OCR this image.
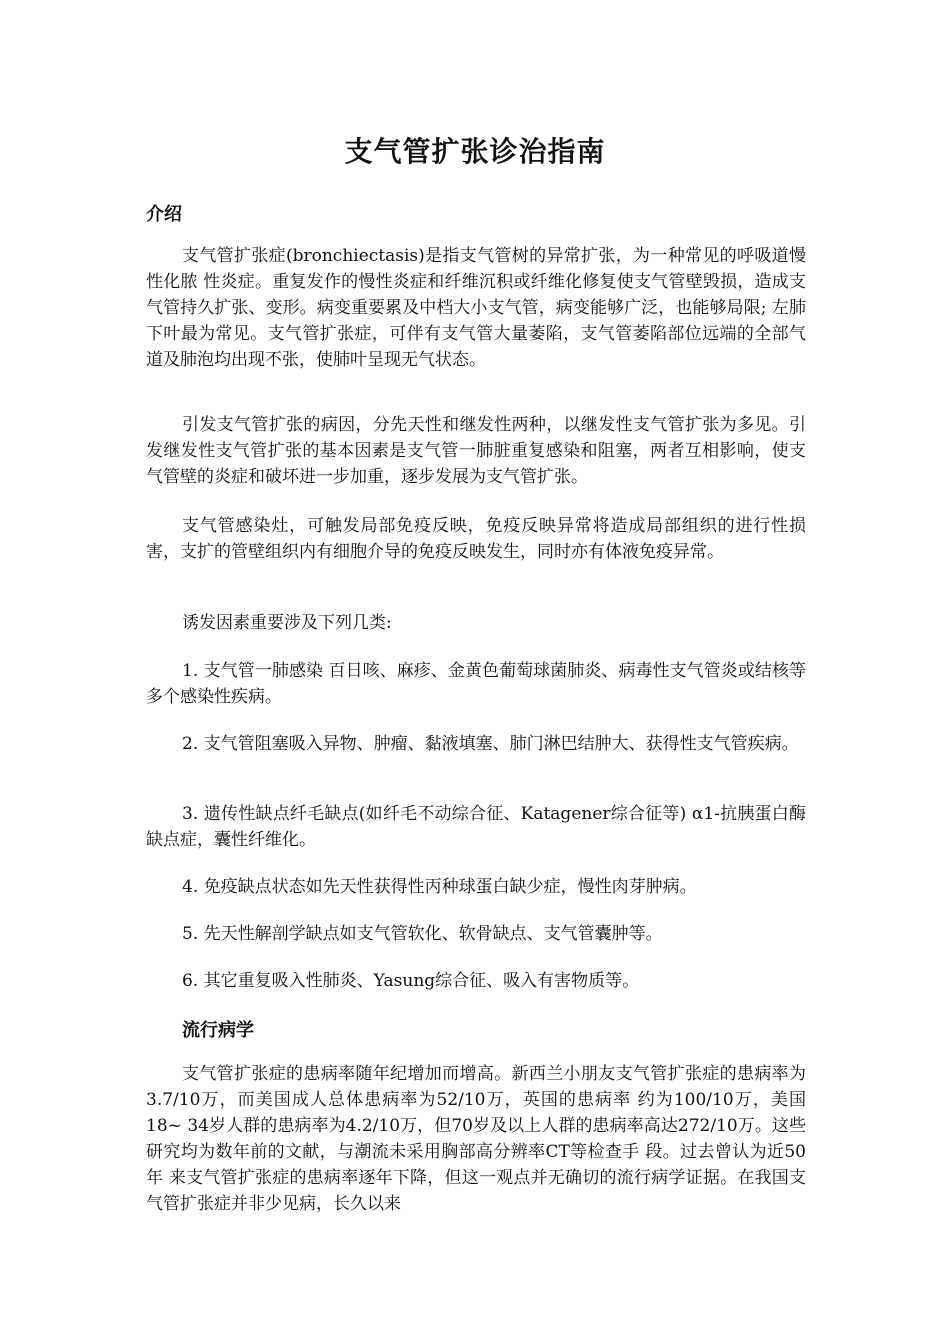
支气管扩张诊治指南
介绍

支气管扩张症(bronchiectasis)是指支气管树的异常扩张，为一种常见的呼吸道慢性化脓 性炎症。重复发作的慢性炎症和纤维沉积或纤维化修复使支气管壁毁损，造成支气管持久扩张、变形。病变重要累及中档大小支气管，病变能够广泛，也能够局限; 左肺下叶最为常见。支气管扩张症，可伴有支气管大量萎陷，支气管萎陷部位远端的全部气道及肺泡均出现不张，使肺叶呈现无气状态。

引发支气管扩张的病因，分先天性和继发性两种，以继发性支气管扩张为多见。引发继发性支气管扩张的基本因素是支气管一肺脏重复感染和阻塞，两者互相影响，使支气管壁的炎症和破坏进一步加重，逐步发展为支气管扩张。

支气管感染灶，可触发局部免疫反映，免疫反映异常将造成局部组织的进行性损害，支扩的管壁组织内有细胞介导的免疫反映发生，同时亦有体液免疫异常。

诱发因素重要涉及下列几类:

1. 支气管一肺感染 百日咳、麻疹、金黄色葡萄球菌肺炎、病毒性支气管炎或结核等多个感染性疾病。

2. 支气管阻塞吸入异物、肿瘤、黏液填塞、肺门淋巴结肿大、获得性支气管疾病。

3. 遗传性缺点纤毛缺点(如纤毛不动综合征、Katagener综合征等) α1-抗胰蛋白酶缺点症，囊性纤维化。

4. 免疫缺点状态如先天性获得性丙种球蛋白缺少症，慢性肉芽肿病。

5. 先天性解剖学缺点如支气管软化、软骨缺点、支气管囊肿等。

6. 其它重复吸入性肺炎、Yasung综合征、吸入有害物质等。

流行病学

支气管扩张症的患病率随年纪增加而增高。新西兰小朋友支气管扩张症的患病率为3.7/10万，而美国成人总体患病率为52/10万，英国的患病率 约为100/10万，美国18~ 34岁人群的患病率为4.2/10万，但70岁及以上人群的患病率高达272/10万。这些研究均为数年前的文献，与潮流未采用胸部高分辨率CT等检查手 段。过去曾认为近50年 来支气管扩张症的患病率逐年下降，但这一观点并无确切的流行病学证据。在我国支气管扩张症并非少见病，长久以来
